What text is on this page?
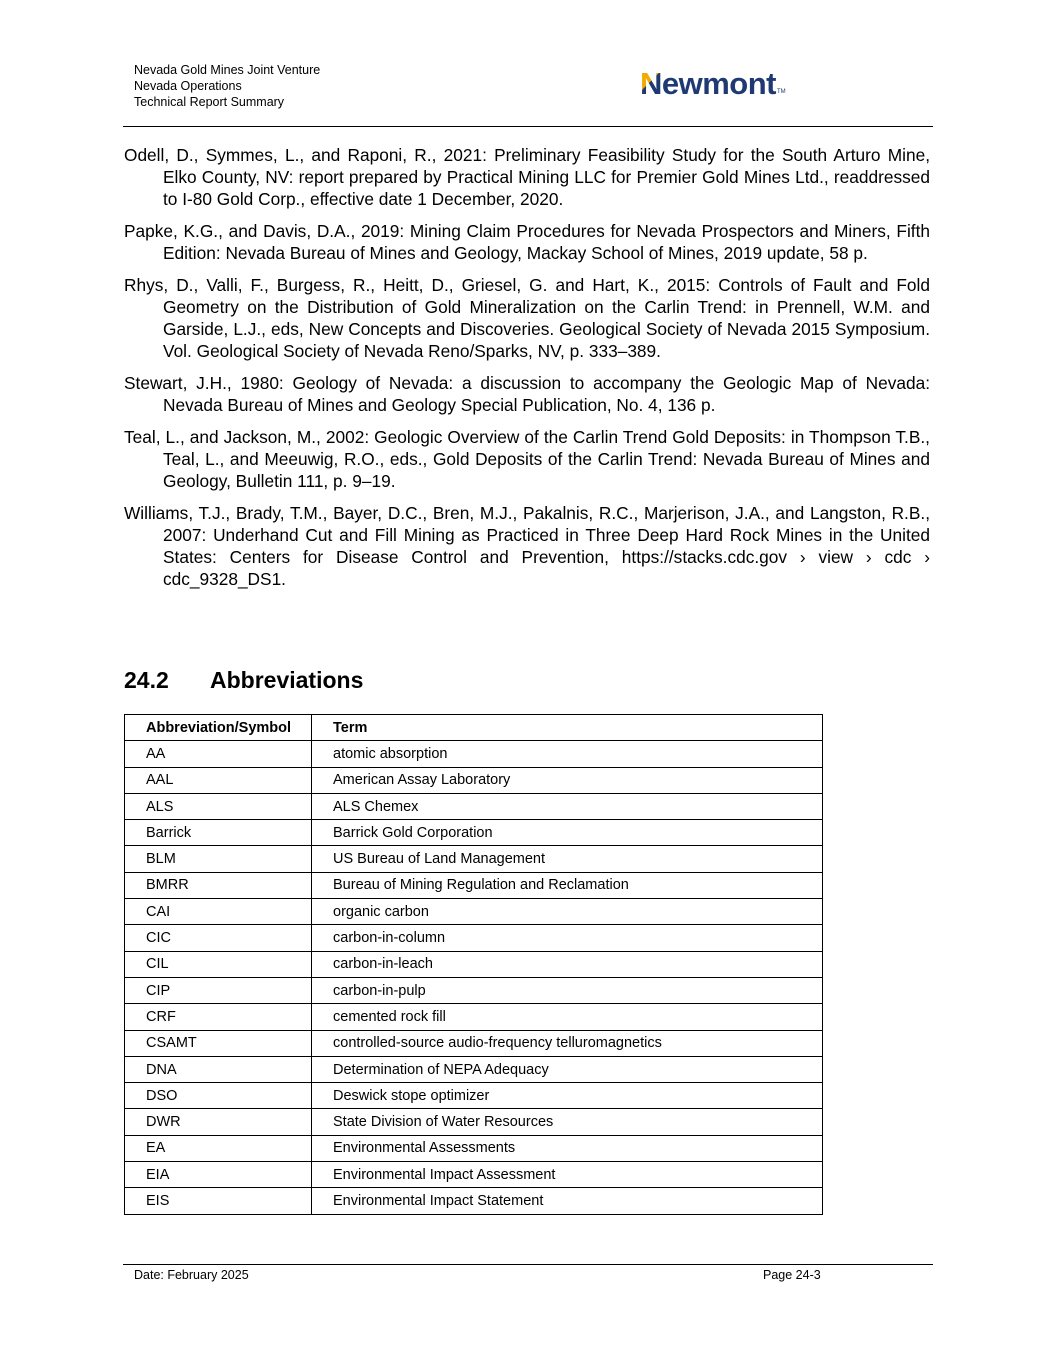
Nevada Gold Mines Joint Venture
Nevada Operations
Technical Report Summary
Newmont TM

Odell, D., Symmes, L., and Raponi, R., 2021: Preliminary Feasibility Study for the South Arturo Mine, Elko County, NV: report prepared by Practical Mining LLC for Premier Gold Mines Ltd., readdressed to I-80 Gold Corp., effective date 1 December, 2020.

Papke, K.G., and Davis, D.A., 2019: Mining Claim Procedures for Nevada Prospectors and Miners, Fifth Edition: Nevada Bureau of Mines and Geology, Mackay School of Mines, 2019 update, 58 p.

Rhys, D., Valli, F., Burgess, R., Heitt, D., Griesel, G. and Hart, K., 2015: Controls of Fault and Fold Geometry on the Distribution of Gold Mineralization on the Carlin Trend: in Prennell, W.M. and Garside, L.J., eds, New Concepts and Discoveries. Geological Society of Nevada 2015 Symposium. Vol. Geological Society of Nevada Reno/Sparks, NV, p. 333–389.

Stewart, J.H., 1980: Geology of Nevada: a discussion to accompany the Geologic Map of Nevada: Nevada Bureau of Mines and Geology Special Publication, No. 4, 136 p.

Teal, L., and Jackson, M., 2002: Geologic Overview of the Carlin Trend Gold Deposits: in Thompson T.B., Teal, L., and Meeuwig, R.O., eds., Gold Deposits of the Carlin Trend: Nevada Bureau of Mines and Geology, Bulletin 111, p. 9–19.

Williams, T.J., Brady, T.M., Bayer, D.C., Bren, M.J., Pakalnis, R.C., Marjerison, J.A., and Langston, R.B., 2007: Underhand Cut and Fill Mining as Practiced in Three Deep Hard Rock Mines in the United States: Centers for Disease Control and Prevention, https://stacks.cdc.gov › view › cdc › cdc_9328_DS1.

24.2 Abbreviations
Abbreviation/Symbol	Term
AA	atomic absorption
AAL	American Assay Laboratory
ALS	ALS Chemex
Barrick	Barrick Gold Corporation
BLM	US Bureau of Land Management
BMRR	Bureau of Mining Regulation and Reclamation
CAI	organic carbon
CIC	carbon-in-column
CIL	carbon-in-leach
CIP	carbon-in-pulp
CRF	cemented rock fill
CSAMT	controlled-source audio-frequency telluromagnetics
DNA	Determination of NEPA Adequacy
DSO	Deswick stope optimizer
DWR	State Division of Water Resources
EA	Environmental Assessments
EIA	Environmental Impact Assessment
EIS	Environmental Impact Statement
Date: February 2025	Page 24-3
